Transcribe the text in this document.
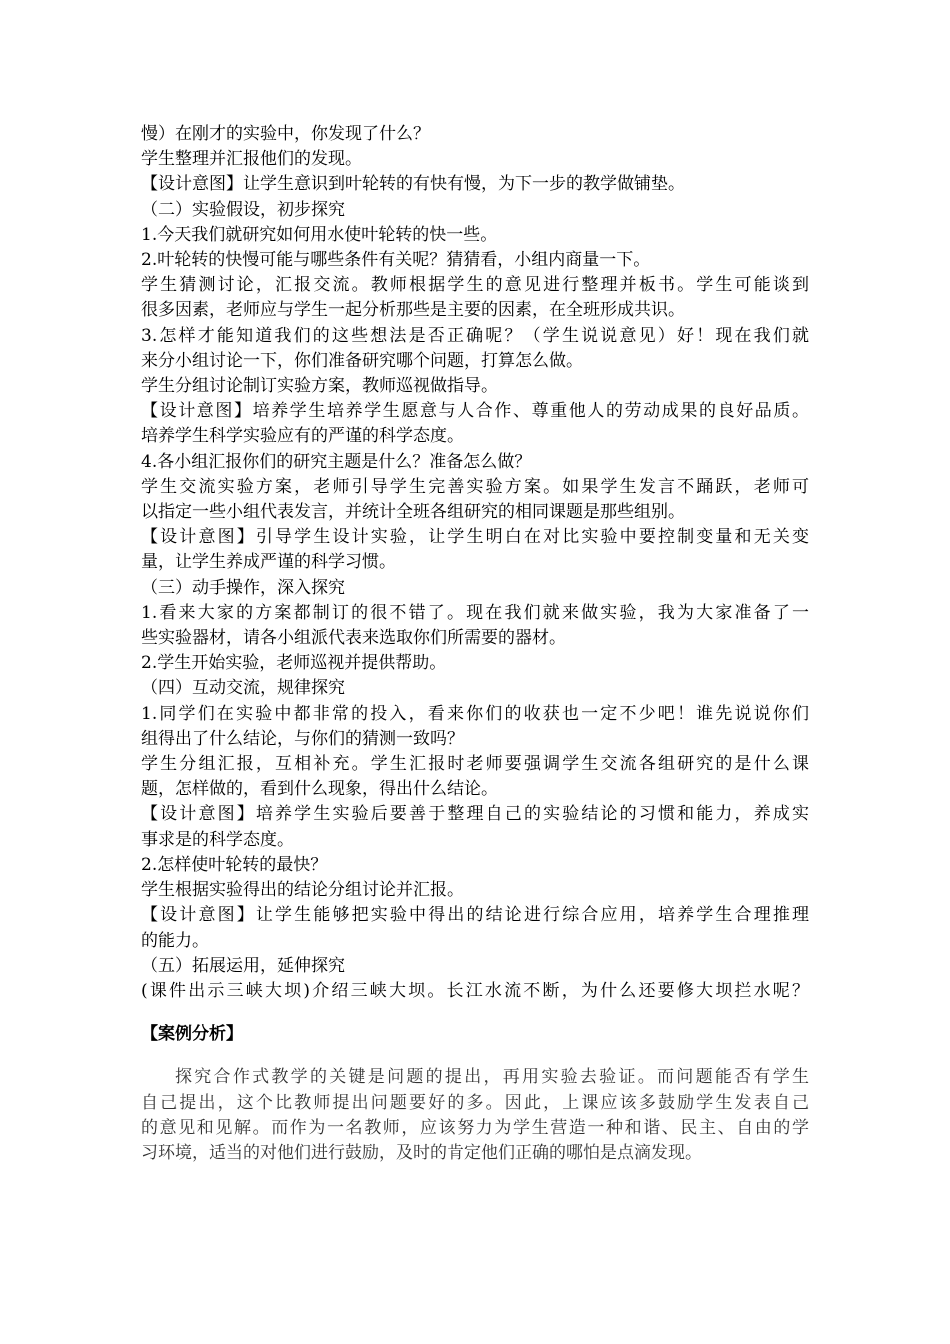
慢）在刚才的实验中，你发现了什么？
学生整理并汇报他们的发现。
【设计意图】让学生意识到叶轮转的有快有慢，为下一步的教学做铺垫。
（二）实验假设，初步探究
1.今天我们就研究如何用水使叶轮转的快一些。
2.叶轮转的快慢可能与哪些条件有关呢？猜猜看，小组内商量一下。
学生猜测讨论，汇报交流。教师根据学生的意见进行整理并板书。学生可能谈到
很多因素，老师应与学生一起分析那些是主要的因素，在全班形成共识。
3.怎样才能知道我们的这些想法是否正确呢？（学生说说意见）好！现在我们就
来分小组讨论一下，你们准备研究哪个问题，打算怎么做。
学生分组讨论制订实验方案，教师巡视做指导。
【设计意图】培养学生培养学生愿意与人合作、尊重他人的劳动成果的良好品质。
培养学生科学实验应有的严谨的科学态度。
4.各小组汇报你们的研究主题是什么？准备怎么做？
学生交流实验方案，老师引导学生完善实验方案。如果学生发言不踊跃，老师可
以指定一些小组代表发言，并统计全班各组研究的相同课题是那些组别。
【设计意图】引导学生设计实验，让学生明白在对比实验中要控制变量和无关变
量，让学生养成严谨的科学习惯。
（三）动手操作，深入探究
1.看来大家的方案都制订的很不错了。现在我们就来做实验，我为大家准备了一
些实验器材，请各小组派代表来选取你们所需要的器材。
2.学生开始实验，老师巡视并提供帮助。
（四）互动交流，规律探究
1.同学们在实验中都非常的投入，看来你们的收获也一定不少吧！谁先说说你们
组得出了什么结论，与你们的猜测一致吗？
学生分组汇报，互相补充。学生汇报时老师要强调学生交流各组研究的是什么课
题，怎样做的，看到什么现象，得出什么结论。
【设计意图】培养学生实验后要善于整理自己的实验结论的习惯和能力，养成实
事求是的科学态度。
2.怎样使叶轮转的最快？
学生根据实验得出的结论分组讨论并汇报。
【设计意图】让学生能够把实验中得出的结论进行综合应用，培养学生合理推理
的能力。
（五）拓展运用，延伸探究
(课件出示三峡大坝)介绍三峡大坝。长江水流不断，为什么还要修大坝拦水呢？
【案例分析】
探究合作式教学的关键是问题的提出，再用实验去验证。而问题能否有学生
自己提出，这个比教师提出问题要好的多。因此，上课应该多鼓励学生发表自己
的意见和见解。而作为一名教师，应该努力为学生营造一种和谐、民主、自由的学
习环境，适当的对他们进行鼓励，及时的肯定他们正确的哪怕是点滴发现。
